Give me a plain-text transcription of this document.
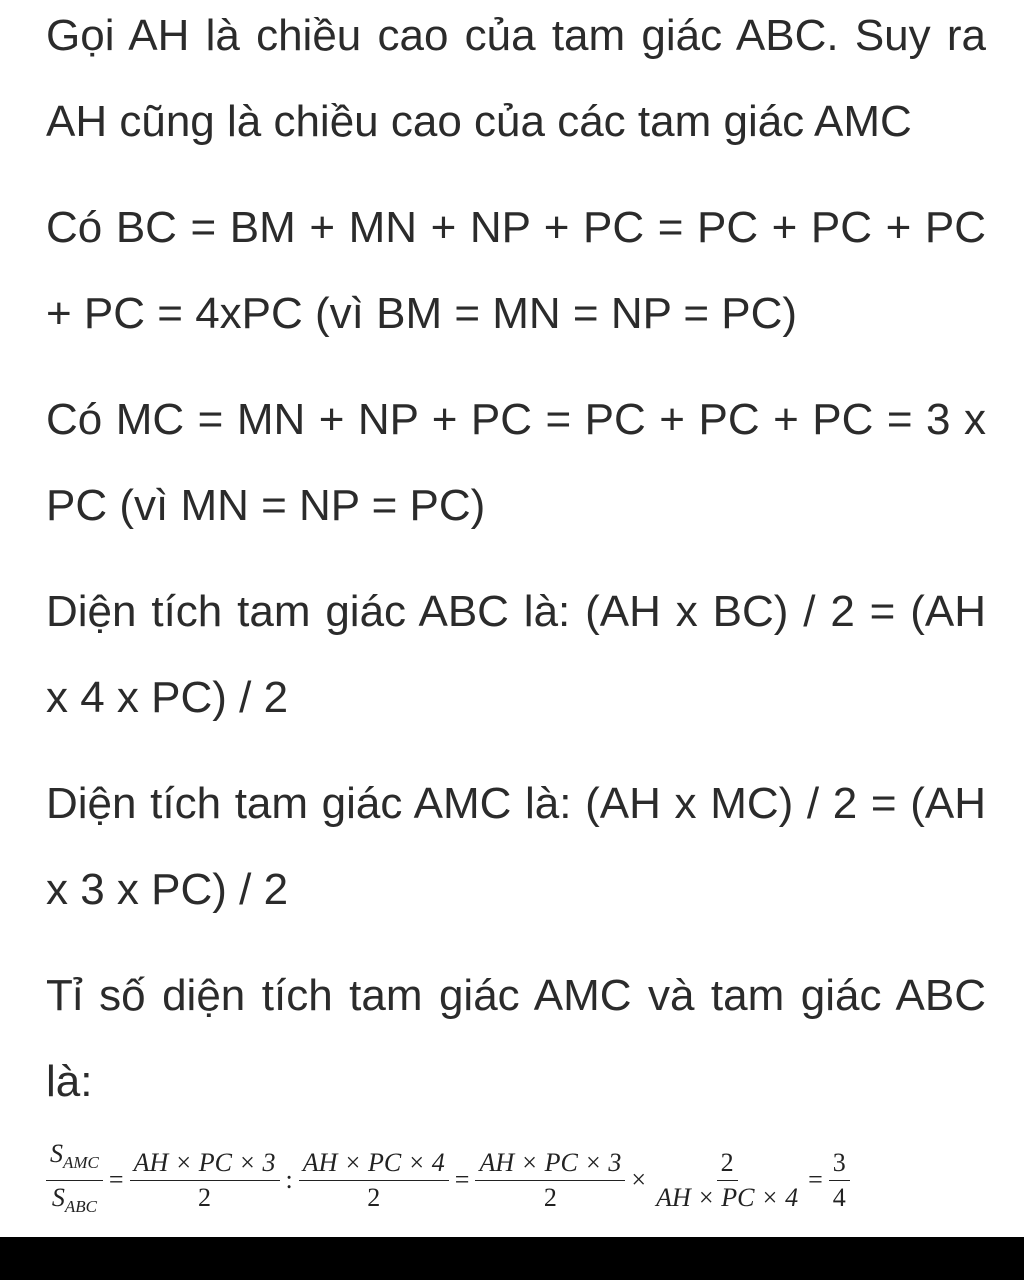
Gọi AH là chiều cao của tam giác ABC. Suy ra AH cũng là chiều cao của các tam giác AMC

Có BC = BM + MN + NP + PC = PC + PC + PC + PC = 4xPC (vì BM = MN = NP = PC)

Có MC = MN + NP + PC = PC + PC + PC = 3 x PC (vì MN = NP = PC)

Diện tích tam giác ABC là: (AH x BC) / 2 = (AH x 4 x PC) / 2

Diện tích tam giác AMC là: (AH x MC) / 2 = (AH x 3 x PC) / 2

Tỉ số diện tích tam giác AMC và tam giác ABC là:

$\frac{S_{AMC}}{S_{ABC}} = \frac{AH \times PC \times 3}{2}$ : $\frac{AH \times PC \times 4}{2} = \frac{AH \times PC \times 3}{2} \times \frac{2}{AH \times PC \times 4} = \frac{3}{4}$
